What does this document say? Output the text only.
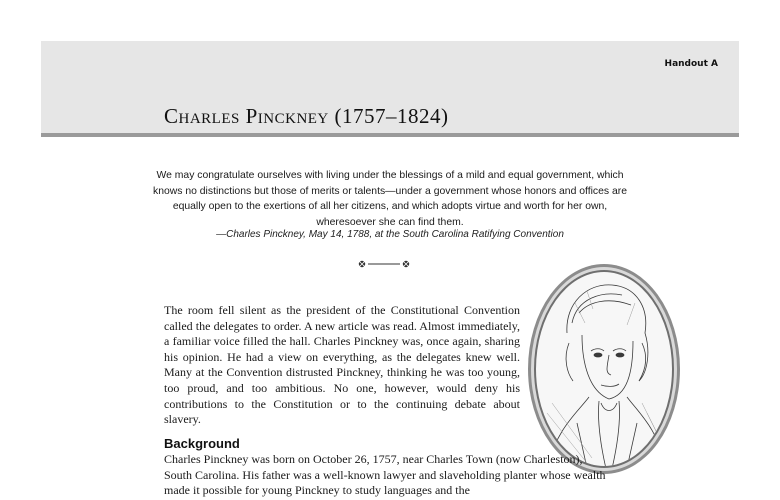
Handout A
Charles Pinckney (1757–1824)
We may congratulate ourselves with living under the blessings of a mild and equal government, which knows no distinctions but those of merits or talents—under a government whose honors and offices are equally open to the exertions of all her citizens, and which adopts virtue and worth for her own, wheresoever she can find them.
—Charles Pinckney, May 14, 1788, at the South Carolina Ratifying Convention

The room fell silent as the president of the Constitutional Convention called the delegates to order. A new article was read. Almost immediately, a familiar voice filled the hall. Charles Pinckney was, once again, sharing his opinion. He had a view on everything, as the delegates knew well. Many at the Convention distrusted Pinckney, thinking he was too young, too proud, and too ambitious. No one, however, would deny his contributions to the Constitution or to the continuing debate about slavery.

Background

Charles Pinckney was born on October 26, 1757, near Charles Town (now Charleston), South Carolina. His father was a well-known lawyer and slaveholding planter whose wealth made it possible for young Pinckney to study languages and the
